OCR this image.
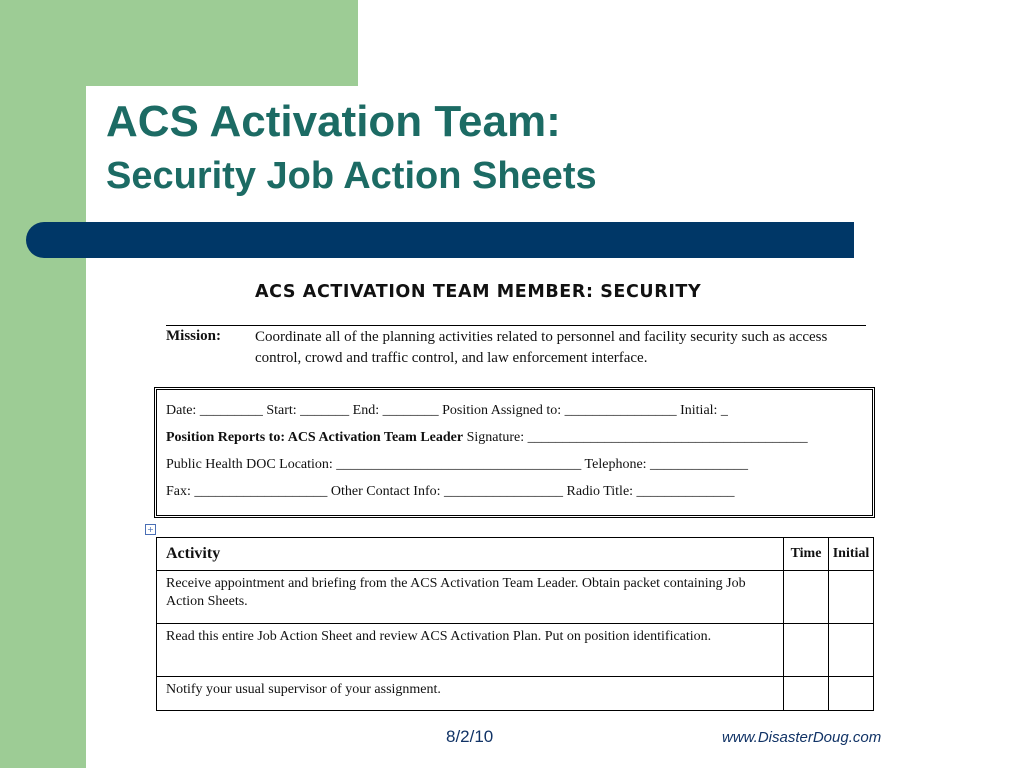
ACS Activation Team:
Security Job Action Sheets
ACS ACTIVATION TEAM MEMBER: SECURITY
Mission: Coordinate all of the planning activities related to personnel and facility security such as access control, crowd and traffic control, and law enforcement interface.
Date: _________ Start: _______ End: ________ Position Assigned to: ________________ Initial: _
Position Reports to: ACS Activation Team Leader Signature: ________________________________________
Public Health DOC Location: ___________________________________ Telephone: ______________
Fax: ___________________ Other Contact Info: _________________ Radio Title: ______________
+
Activity	Time	Initial
Receive appointment and briefing from the ACS Activation Team Leader. Obtain packet containing Job Action Sheets.		
Read this entire Job Action Sheet and review ACS Activation Plan. Put on position identification.		
Notify your usual supervisor of your assignment.		
8/2/10	www.DisasterDoug.com
